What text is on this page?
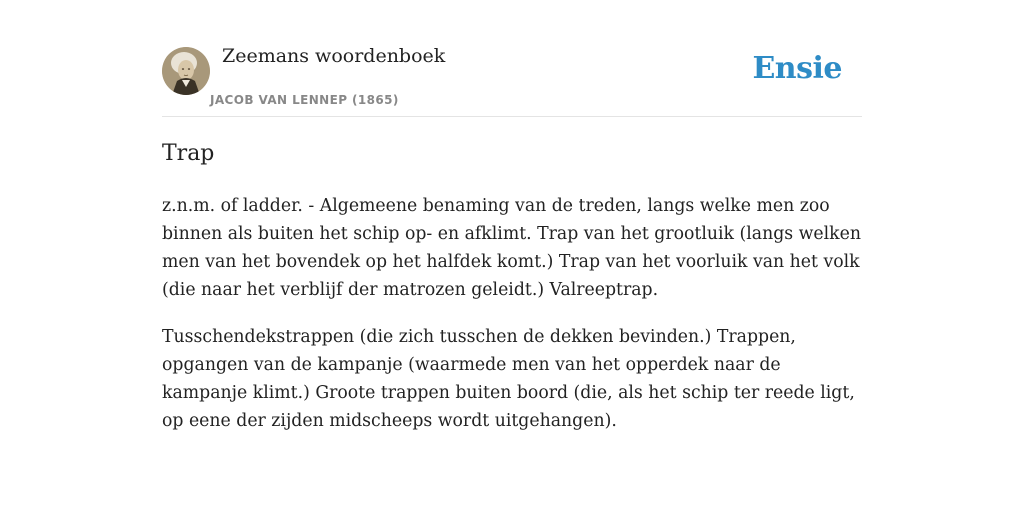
Zeemans woordenboek
JACOB VAN LENNEP (1865)
Ensie
Trap

z.n.m. of ladder. - Algemeene benaming van de treden, langs welke men zoo binnen als buiten het schip op- en afklimt. Trap van het grootluik (langs welken men van het bovendek op het halfdek komt.) Trap van het voorluik van het volk (die naar het verblijf der matrozen geleidt.) Valreeptrap.

Tusschendekstrappen (die zich tusschen de dekken bevinden.) Trappen, opgangen van de kampanje (waarmede men van het opperdek naar de kampanje klimt.) Groote trappen buiten boord (die, als het schip ter reede ligt, op eene der zijden midscheeps wordt uitgehangen).
